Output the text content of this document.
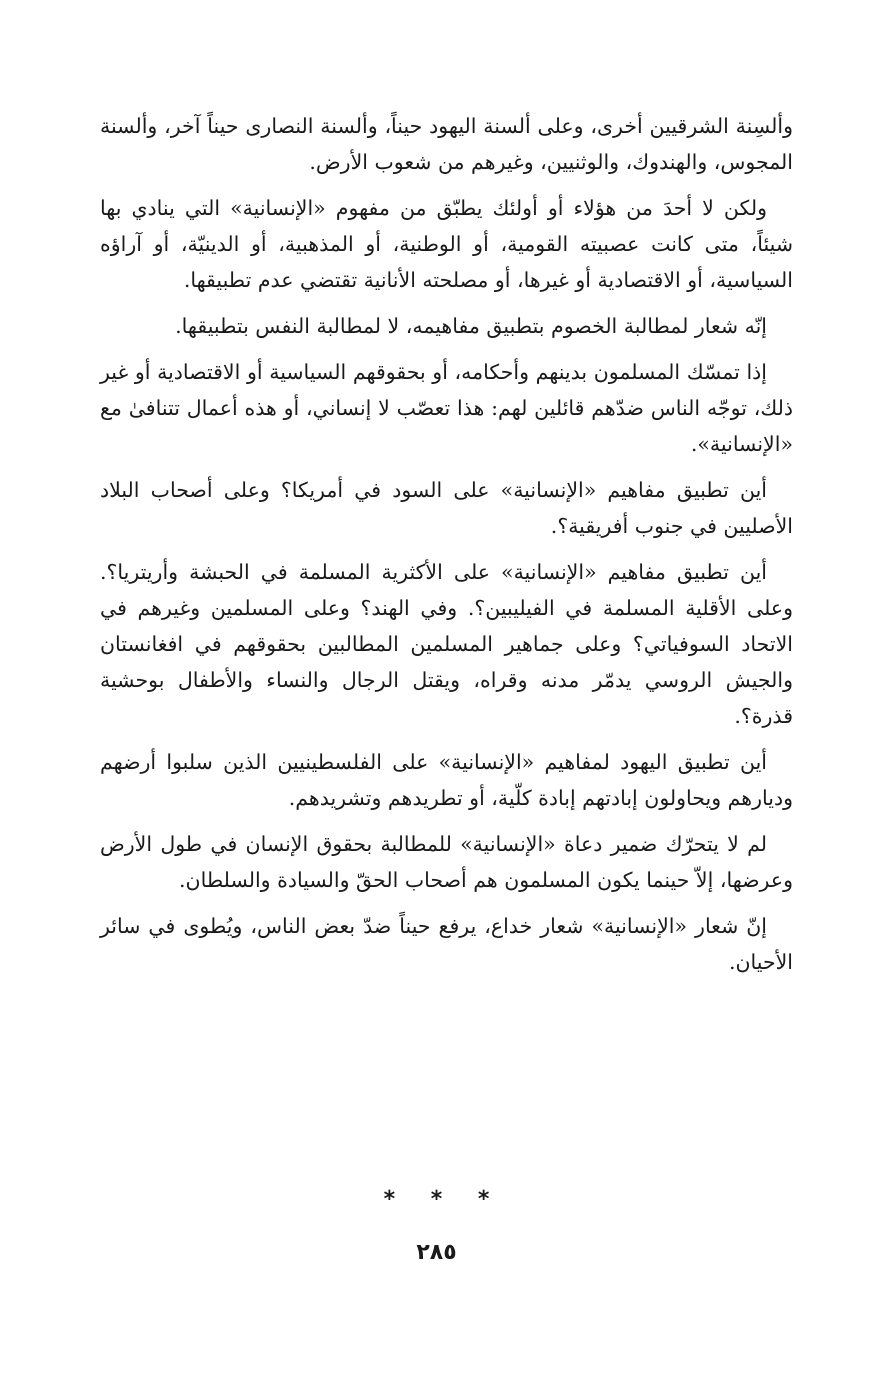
وألسِنة الشرقيين أخرى، وعلى ألسنة اليهود حيناً، وألسنة النصارى حيناً آخر، وألسنة المجوس، والهندوك، والوثنيين، وغيرهم من شعوب الأرض.

ولكن لا أحدَ من هؤلاء أو أولئك يطبّق من مفهوم «الإنسانية» التي ينادي بها شيئاً، متى كانت عصبيته القومية، أو الوطنية، أو المذهبية، أو الدينيّة، أو آراؤه السياسية، أو الاقتصادية أو غيرها، أو مصلحته الأنانية تقتضي عدم تطبيقها.

إنّه شعار لمطالبة الخصوم بتطبيق مفاهيمه، لا لمطالبة النفس بتطبيقها.

إذا تمسّك المسلمون بدينهم وأحكامه، أو بحقوقهم السياسية أو الاقتصادية أو غير ذلك، توجّه الناس ضدّهم قائلين لهم: هذا تعصّب لا إنساني، أو هذه أعمال تتنافىٰ مع «الإنسانية».

أين تطبيق مفاهيم «الإنسانية» على السود في أمريكا؟ وعلى أصحاب البلاد الأصليين في جنوب أفريقية؟.

أين تطبيق مفاهيم «الإنسانية» على الأكثرية المسلمة في الحبشة وأريتريا؟. وعلى الأقلية المسلمة في الفيليبين؟. وفي الهند؟ وعلى المسلمين وغيرهم في الاتحاد السوفياتي؟ وعلى جماهير المسلمين المطالبين بحقوقهم في افغانستان والجيش الروسي يدمّر مدنه وقراه، ويقتل الرجال والنساء والأطفال بوحشية قذرة؟.

أين تطبيق اليهود لمفاهيم «الإنسانية» على الفلسطينيين الذين سلبوا أرضهم وديارهم ويحاولون إبادتهم إبادة كلّية، أو تطريدهم وتشريدهم.

لم لا يتحرّك ضمير دعاة «الإنسانية» للمطالبة بحقوق الإنسان في طول الأرض وعرضها، إلاّ حينما يكون المسلمون هم أصحاب الحقّ والسيادة والسلطان.

إنّ شعار «الإنسانية» شعار خداع، يرفع حيناً ضدّ بعض الناس، ويُطوى في سائر الأحيان.

* * *
٢٨٥
